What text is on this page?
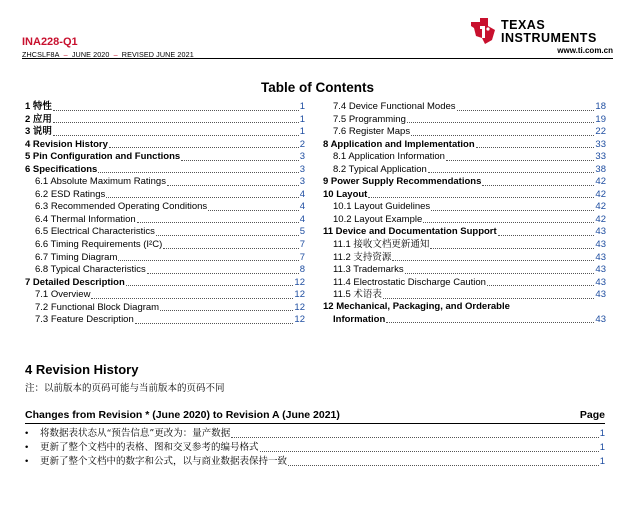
INA228-Q1
ZHCSLF8A – JUNE 2020 – REVISED JUNE 2021
TEXAS
INSTRUMENTS
www.ti.com.cn
Table of Contents
1 特性	1
2 应用	1
3 说明	1
4 Revision History	2
5 Pin Configuration and Functions	3
6 Specifications	3
6.1 Absolute Maximum Ratings	3
6.2 ESD Ratings	4
6.3 Recommended Operating Conditions	4
6.4 Thermal Information	4
6.5 Electrical Characteristics	5
6.6 Timing Requirements (I²C)	7
6.7 Timing Diagram	7
6.8 Typical Characteristics	8
7 Detailed Description	12
7.1 Overview	12
7.2 Functional Block Diagram	12
7.3 Feature Description	12
7.4 Device Functional Modes	18
7.5 Programming	19
7.6 Register Maps	22
8 Application and Implementation	33
8.1 Application Information	33
8.2 Typical Application	38
9 Power Supply Recommendations	42
10 Layout	42
10.1 Layout Guidelines	42
10.2 Layout Example	42
11 Device and Documentation Support	43
11.1 接收文档更新通知	43
11.2 支持资源	43
11.3 Trademarks	43
11.4 Electrostatic Discharge Caution	43
11.5 术语表	43
12 Mechanical, Packaging, and Orderable
Information	43
4 Revision History
注：以前版本的页码可能与当前版本的页码不同
Changes from Revision * (June 2020) to Revision A (June 2021)	Page
•	将数据表状态从“预告信息”更改为：量产数据	1
•	更新了整个文档中的表格、图和交叉参考的编号格式	1
•	更新了整个文档中的数字和公式，以与商业数据表保持一致	1
